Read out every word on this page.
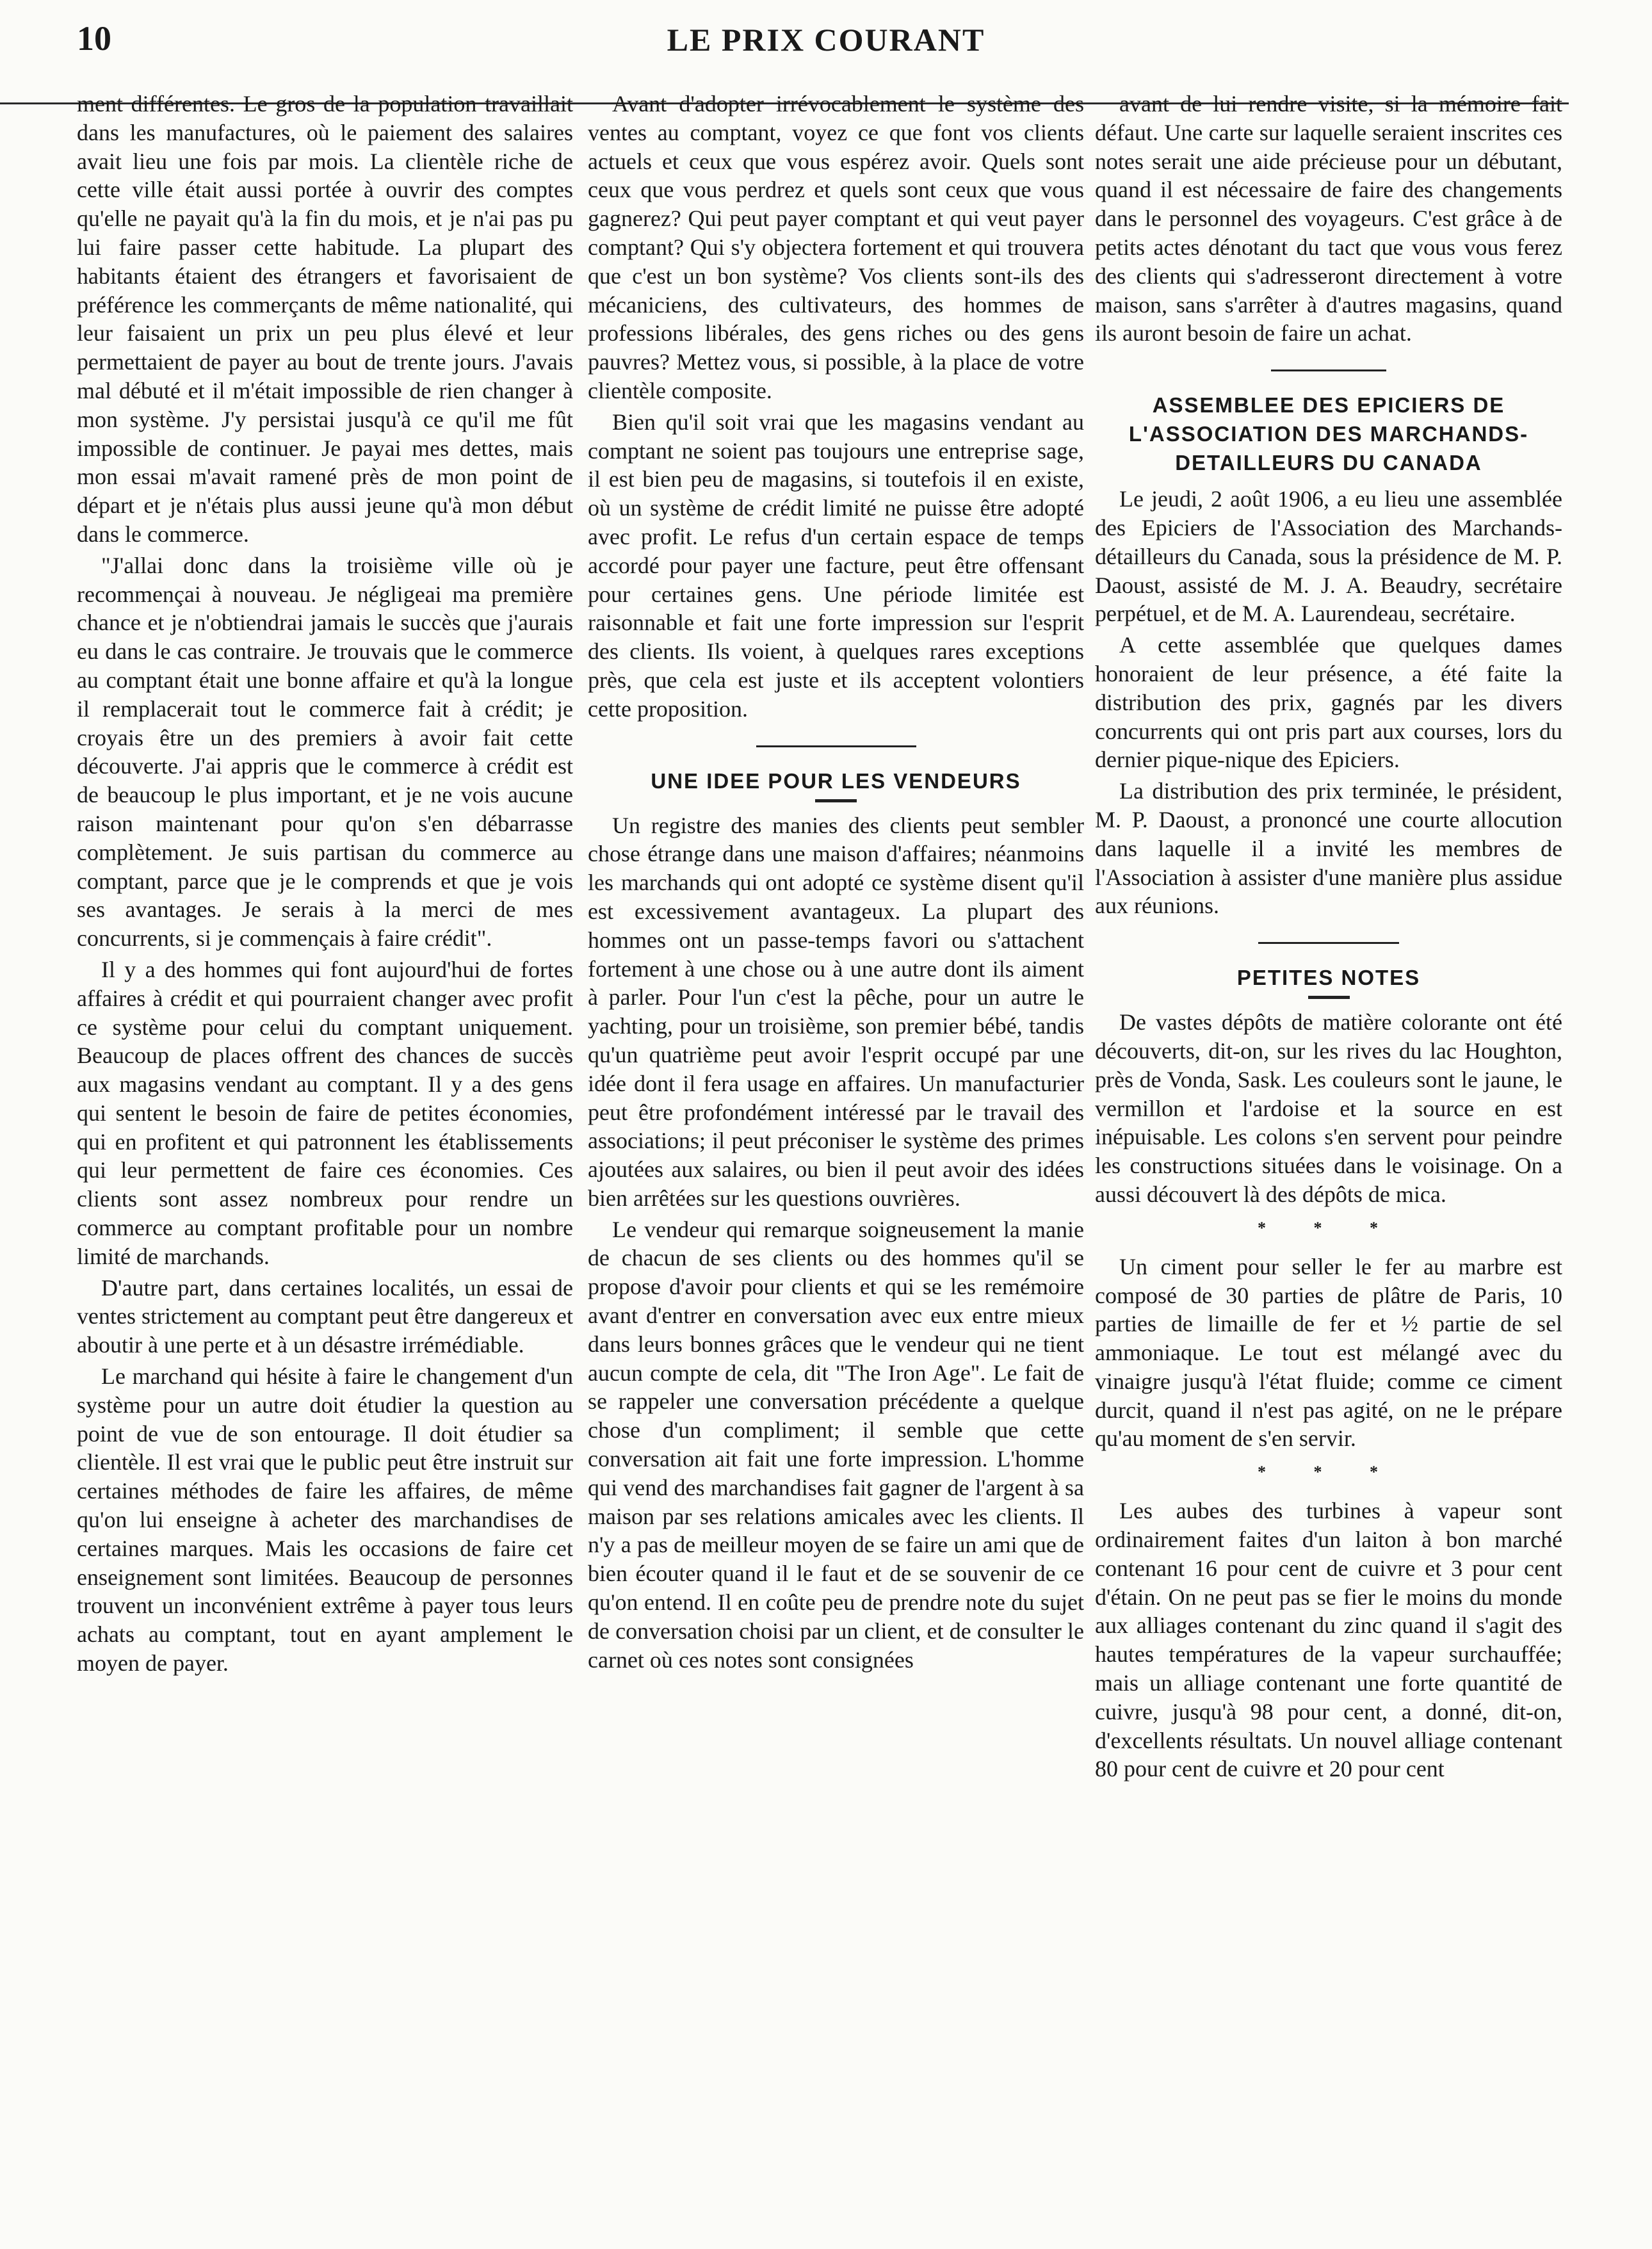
10	LE PRIX COURANT

ment différentes. Le gros de la population travaillait dans les manufactures, où le paiement des salaires avait lieu une fois par mois. La clientèle riche de cette ville était aussi portée à ouvrir des comptes qu'elle ne payait qu'à la fin du mois, et je n'ai pas pu lui faire passer cette habitude. La plupart des habitants étaient des étrangers et favorisaient de préférence les commerçants de même nationalité, qui leur faisaient un prix un peu plus élevé et leur permettaient de payer au bout de trente jours. J'avais mal débuté et il m'était impossible de rien changer à mon système. J'y persistai jusqu'à ce qu'il me fût impossible de continuer. Je payai mes dettes, mais mon essai m'avait ramené près de mon point de départ et je n'étais plus aussi jeune qu'à mon début dans le commerce.

"J'allai donc dans la troisième ville où je recommençai à nouveau. Je négligeai ma première chance et je n'obtiendrai jamais le succès que j'aurais eu dans le cas contraire. Je trouvais que le commerce au comptant était une bonne affaire et qu'à la longue il remplacerait tout le commerce fait à crédit; je croyais être un des premiers à avoir fait cette découverte. J'ai appris que le commerce à crédit est de beaucoup le plus important, et je ne vois aucune raison maintenant pour qu'on s'en débarrasse complètement. Je suis partisan du commerce au comptant, parce que je le comprends et que je vois ses avantages. Je serais à la merci de mes concurrents, si je commençais à faire crédit".

Il y a des hommes qui font aujourd'hui de fortes affaires à crédit et qui pourraient changer avec profit ce système pour celui du comptant uniquement. Beaucoup de places offrent des chances de succès aux magasins vendant au comptant. Il y a des gens qui sentent le besoin de faire de petites économies, qui en profitent et qui patronnent les établissements qui leur permettent de faire ces économies. Ces clients sont assez nombreux pour rendre un commerce au comptant profitable pour un nombre limité de marchands.

D'autre part, dans certaines localités, un essai de ventes strictement au comptant peut être dangereux et aboutir à une perte et à un désastre irrémédiable.

Le marchand qui hésite à faire le changement d'un système pour un autre doit étudier la question au point de vue de son entourage. Il doit étudier sa clientèle. Il est vrai que le public peut être instruit sur certaines méthodes de faire les affaires, de même qu'on lui enseigne à acheter des marchandises de certaines marques. Mais les occasions de faire cet enseignement sont limitées. Beaucoup de personnes trouvent un inconvénient extrême à payer tous leurs achats au comptant, tout en ayant amplement le moyen de payer.

Avant d'adopter irrévocablement le système des ventes au comptant, voyez ce que font vos clients actuels et ceux que vous espérez avoir. Quels sont ceux que vous perdrez et quels sont ceux que vous gagnerez? Qui peut payer comptant et qui veut payer comptant? Qui s'y objectera fortement et qui trouvera que c'est un bon système? Vos clients sont-ils des mécaniciens, des cultivateurs, des hommes de professions libérales, des gens riches ou des gens pauvres? Mettez vous, si possible, à la place de votre clientèle composite.

Bien qu'il soit vrai que les magasins vendant au comptant ne soient pas toujours une entreprise sage, il est bien peu de magasins, si toutefois il en existe, où un système de crédit limité ne puisse être adopté avec profit. Le refus d'un certain espace de temps accordé pour payer une facture, peut être offensant pour certaines gens. Une période limitée est raisonnable et fait une forte impression sur l'esprit des clients. Ils voient, à quelques rares exceptions près, que cela est juste et ils acceptent volontiers cette proposition.

UNE IDEE POUR LES VENDEURS

Un registre des manies des clients peut sembler chose étrange dans une maison d'affaires; néanmoins les marchands qui ont adopté ce système disent qu'il est excessivement avantageux. La plupart des hommes ont un passe-temps favori ou s'attachent fortement à une chose ou à une autre dont ils aiment à parler. Pour l'un c'est la pêche, pour un autre le yachting, pour un troisième, son premier bébé, tandis qu'un quatrième peut avoir l'esprit occupé par une idée dont il fera usage en affaires. Un manufacturier peut être profondément intéressé par le travail des associations; il peut préconiser le système des primes ajoutées aux salaires, ou bien il peut avoir des idées bien arrêtées sur les questions ouvrières.

Le vendeur qui remarque soigneusement la manie de chacun de ses clients ou des hommes qu'il se propose d'avoir pour clients et qui se les remémoire avant d'entrer en conversation avec eux entre mieux dans leurs bonnes grâces que le vendeur qui ne tient aucun compte de cela, dit "The Iron Age". Le fait de se rappeler une conversation précédente a quelque chose d'un compliment; il semble que cette conversation ait fait une forte impression. L'homme qui vend des marchandises fait gagner de l'argent à sa maison par ses relations amicales avec les clients. Il n'y a pas de meilleur moyen de se faire un ami que de bien écouter quand il le faut et de se souvenir de ce qu'on entend. Il en coûte peu de prendre note du sujet de conversation choisi par un client, et de consulter le carnet où ces notes sont consignées

avant de lui rendre visite, si la mémoire fait défaut. Une carte sur laquelle seraient inscrites ces notes serait une aide précieuse pour un débutant, quand il est nécessaire de faire des changements dans le personnel des voyageurs. C'est grâce à de petits actes dénotant du tact que vous vous ferez des clients qui s'adresseront directement à votre maison, sans s'arrêter à d'autres magasins, quand ils auront besoin de faire un achat.

ASSEMBLEE DES EPICIERS DE L'ASSOCIATION DES MARCHANDS-DETAILLEURS DU CANADA

Le jeudi, 2 août 1906, a eu lieu une assemblée des Epiciers de l'Association des Marchands-détailleurs du Canada, sous la présidence de M. P. Daoust, assisté de M. J. A. Beaudry, secrétaire perpétuel, et de M. A. Laurendeau, secrétaire.

A cette assemblée que quelques dames honoraient de leur présence, a été faite la distribution des prix, gagnés par les divers concurrents qui ont pris part aux courses, lors du dernier pique-nique des Epiciers.

La distribution des prix terminée, le président, M. P. Daoust, a prononcé une courte allocution dans laquelle il a invité les membres de l'Association à assister d'une manière plus assidue aux réunions.

PETITES NOTES

De vastes dépôts de matière colorante ont été découverts, dit-on, sur les rives du lac Houghton, près de Vonda, Sask. Les couleurs sont le jaune, le vermillon et l'ardoise et la source en est inépuisable. Les colons s'en servent pour peindre les constructions situées dans le voisinage. On a aussi découvert là des dépôts de mica.

* * *

Un ciment pour seller le fer au marbre est composé de 30 parties de plâtre de Paris, 10 parties de limaille de fer et ½ partie de sel ammoniaque. Le tout est mélangé avec du vinaigre jusqu'à l'état fluide; comme ce ciment durcit, quand il n'est pas agité, on ne le prépare qu'au moment de s'en servir.

* * *

Les aubes des turbines à vapeur sont ordinairement faites d'un laiton à bon marché contenant 16 pour cent de cuivre et 3 pour cent d'étain. On ne peut pas se fier le moins du monde aux alliages contenant du zinc quand il s'agit des hautes températures de la vapeur surchauffée; mais un alliage contenant une forte quantité de cuivre, jusqu'à 98 pour cent, a donné, dit-on, d'excellents résultats. Un nouvel alliage contenant 80 pour cent de cuivre et 20 pour cent
